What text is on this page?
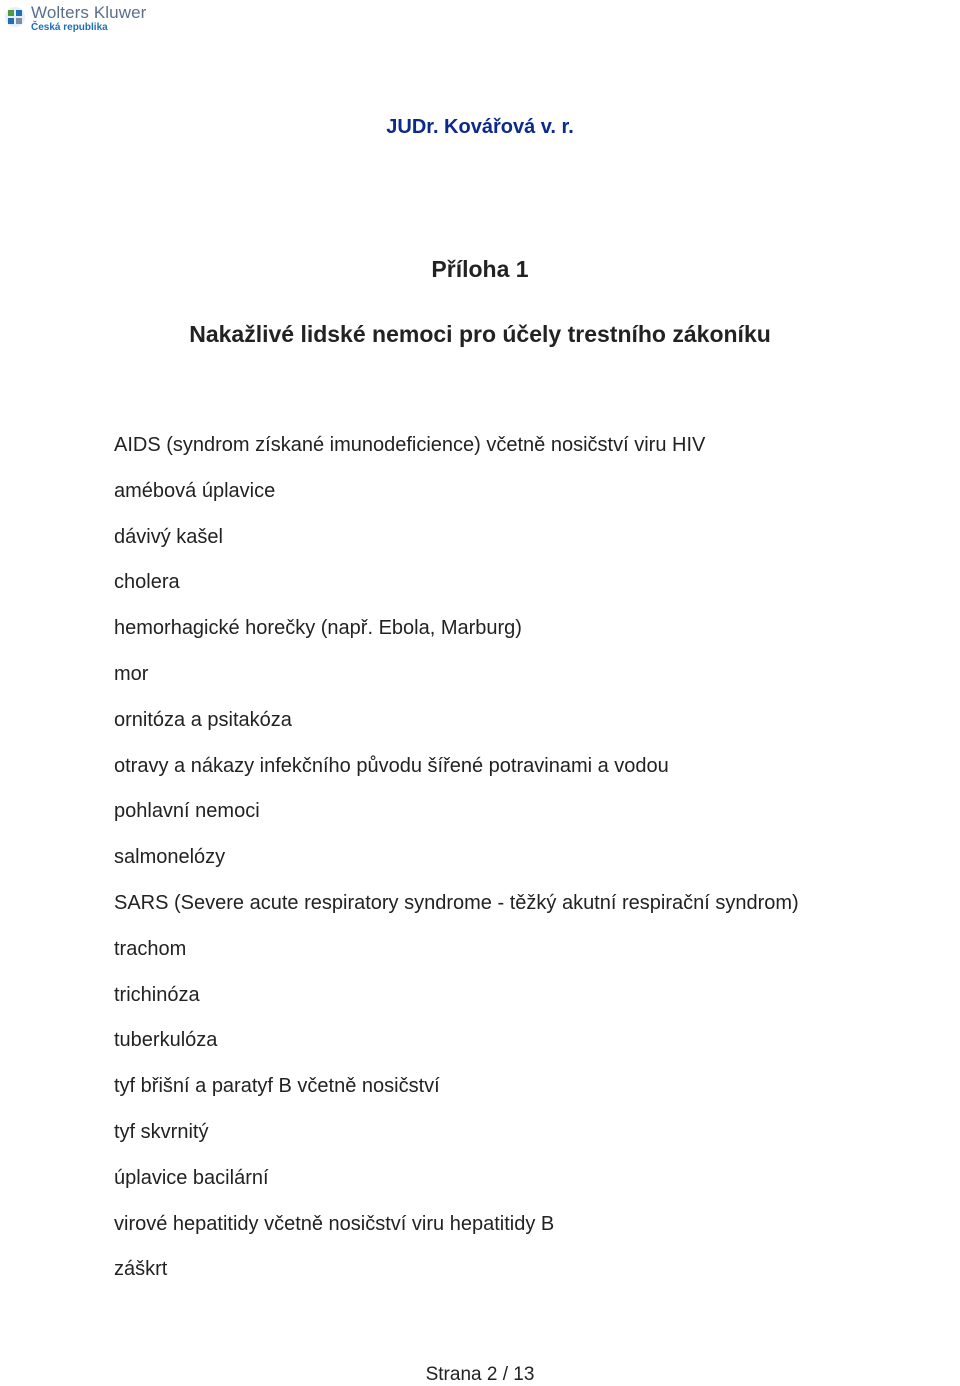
Wolters Kluwer
Česká republika

JUDr. Kovářová v. r.

Příloha 1
Nakažlivé lidské nemoci pro účely trestního zákoníku
AIDS (syndrom získané imunodeficience) včetně nosičství viru HIV
amébová úplavice
dávivý kašel
cholera
hemorhagické horečky (např. Ebola, Marburg)
mor
ornitóza a psitakóza
otravy a nákazy infekčního původu šířené potravinami a vodou
pohlavní nemoci
salmonelózy
SARS (Severe acute respiratory syndrome - těžký akutní respirační syndrom)
trachom
trichinóza
tuberkulóza
tyf břišní a paratyf B včetně nosičství
tyf skvrnitý
úplavice bacilární
virové hepatitidy včetně nosičství viru hepatitidy B
záškrt
Strana 2 / 13
